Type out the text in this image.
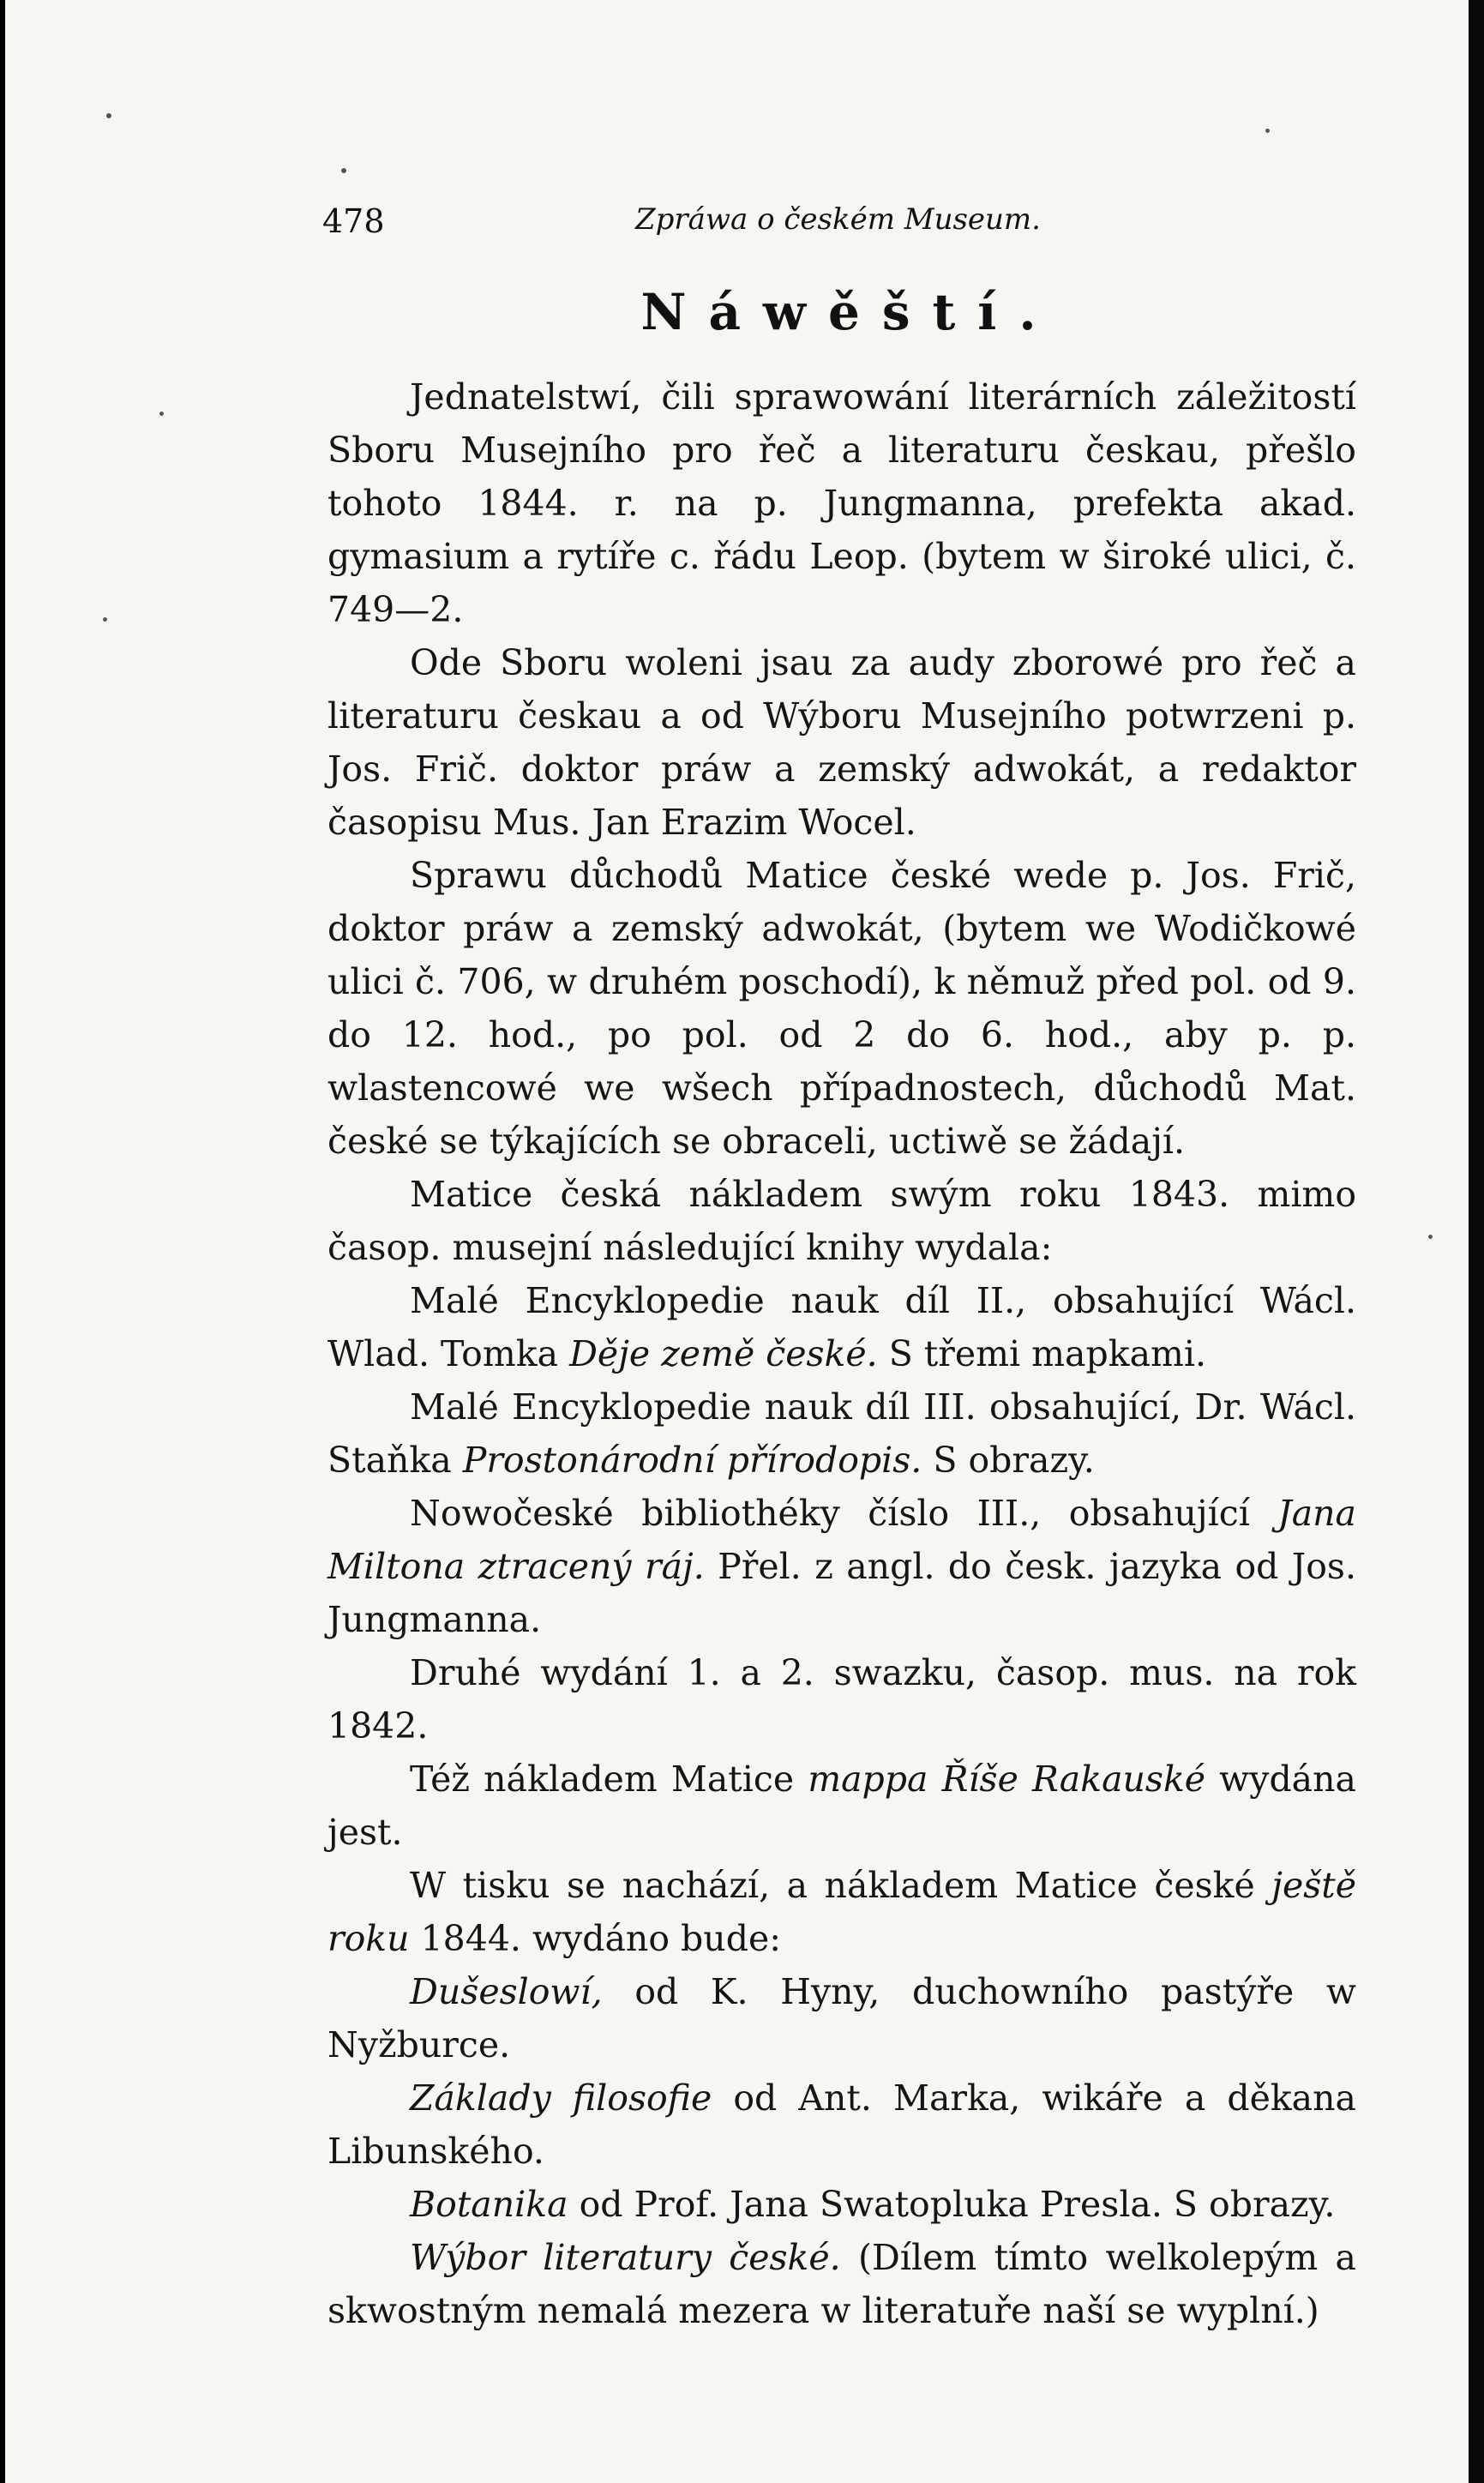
478	Zpráwa o českém Museum.
Náwěští.

Jednatelstwí, čili sprawowání literárních záležitostí Sboru Musejního pro řeč a literaturu českau, přešlo tohoto 1844. r. na p. Jungmanna, prefekta akad. gymasium a rytíře c. řádu Leop. (bytem w široké ulici, č. 749—2.

Ode Sboru woleni jsau za audy zborowé pro řeč a literaturu českau a od Wýboru Musejního potwrzeni p. Jos. Frič. doktor práw a zemský adwokát, a redaktor časopisu Mus. Jan Erazim Wocel.

Sprawu důchodů Matice české wede p. Jos. Frič, doktor práw a zemský adwokát, (bytem we Wodičkowé ulici č. 706, w druhém poschodí), k němuž před pol. od 9. do 12. hod., po pol. od 2 do 6. hod., aby p. p. wlastencowé we wšech případnostech, důchodů Mat. české se týkajících se obraceli, uctiwě se žádají.

Matice česká nákladem swým roku 1843. mimo časop. musejní následující knihy wydala:

Malé Encyklopedie nauk díl II., obsahující Wácl. Wlad. Tomka Děje země české. S třemi mapkami.

Malé Encyklopedie nauk díl III. obsahující, Dr. Wácl. Staňka Prostonárodní přírodopis. S obrazy.

Nowočeské bibliothéky číslo III., obsahující Jana Miltona ztracený ráj. Přel. z angl. do česk. jazyka od Jos. Jungmanna.

Druhé wydání 1. a 2. swazku, časop. mus. na rok 1842.

Též nákladem Matice mappa Říše Rakauské wydána jest.

W tisku se nachází, a nákladem Matice české ještě roku 1844. wydáno bude:

Dušeslowí, od K. Hyny, duchowního pastýře w Nyžburce.

Základy filosofie od Ant. Marka, wikáře a děkana Libunského.

Botanika od Prof. Jana Swatopluka Presla. S obrazy.

Wýbor literatury české. (Dílem tímto welkolepým a skwostným nemalá mezera w literatuře naší se wyplní.)
